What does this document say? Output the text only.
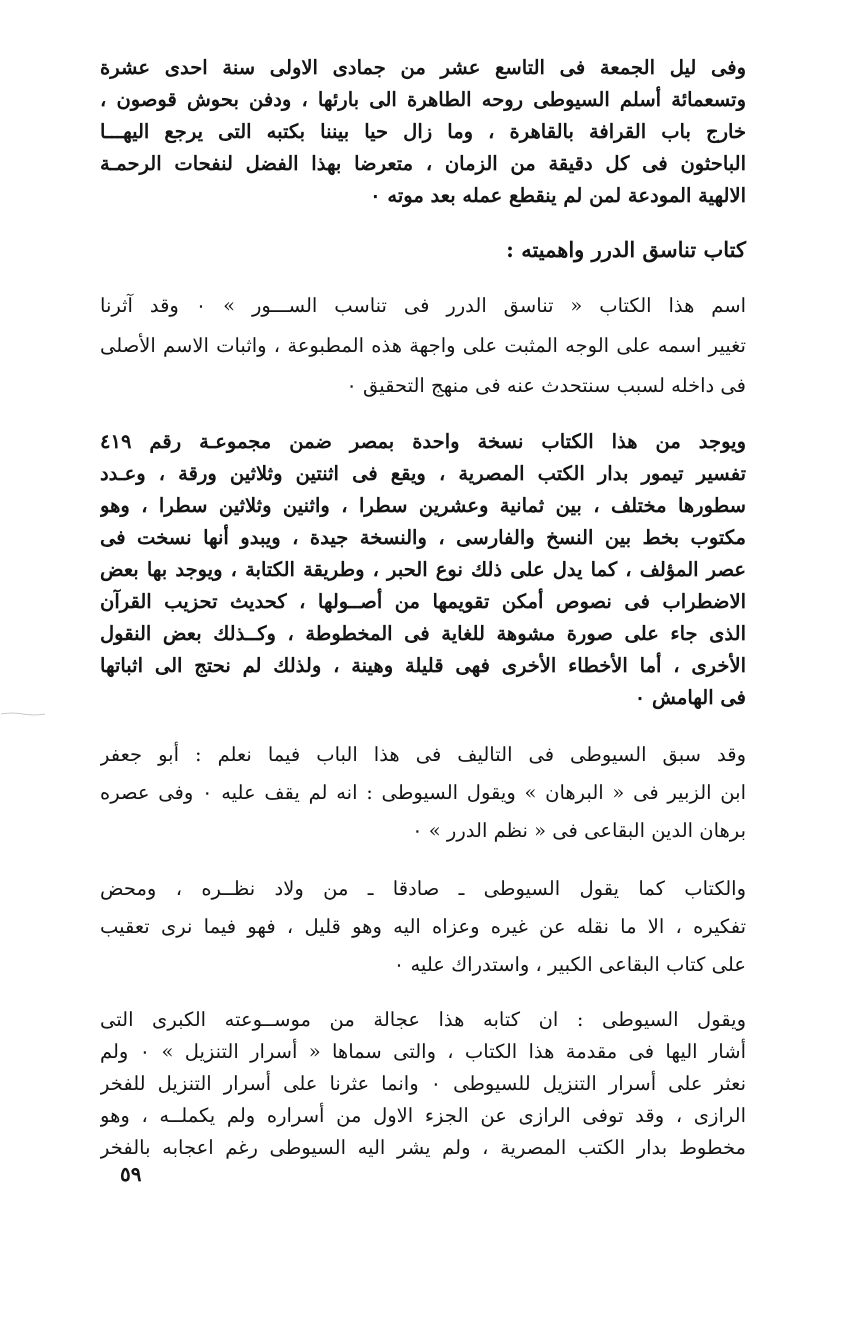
وفى ليل الجمعة فى التاسع عشر من جمادى الاولى سنة احدى عشرة
وتسعمائة أسلم السيوطى روحه الطاهرة الى بارئها ، ودفن بحوش قوصون ،
خارج باب القرافة بالقاهرة ، وما زال حيا بيننا بكتبه التى يرجع اليهـــا
الباحثون فى كل دقيقة من الزمان ، متعرضا بهذا الفضل لنفحات الرحمـة
الالهية المودعة لمن لم ينقطع عمله بعد موته ٠
كتاب تناسق الدرر واهميته :
اسم هذا الكتاب « تناسق الدرر فى تناسب الســـور » ٠ وقد آثرنا
تغيير اسمه على الوجه المثبت على واجهة هذه المطبوعة ، واثبات الاسم الأصلى
فى داخله لسبب سنتحدث عنه فى منهج التحقيق ٠
ويوجد من هذا الكتاب نسخة واحدة بمصر ضمن مجموعـة رقم ٤١٩
تفسير تيمور بدار الكتب المصرية ، ويقع فى اثنتين وثلاثين ورقة ، وعـدد
سطورها مختلف ، بين ثمانية وعشرين سطرا ، واثنين وثلاثين سطرا ، وهو
مكتوب بخط بين النسخ والفارسى ، والنسخة جيدة ، ويبدو أنها نسخت فى
عصر المؤلف ، كما يدل على ذلك نوع الحبر ، وطريقة الكتابة ، ويوجد بها بعض
الاضطراب فى نصوص أمكن تقويمها من أصــولها ، كحديث تحزيب القرآن
الذى جاء على صورة مشوهة للغاية فى المخطوطة ، وكــذلك بعض النقول
الأخرى ، أما الأخطاء الأخرى فهى قليلة وهينة ، ولذلك لم نحتج الى اثباتها
فى الهامش ٠
وقد سبق السيوطى فى التاليف فى هذا الباب فيما نعلم : أبو جعفر
ابن الزبير فى « البرهان » ويقول السيوطى : انه لم يقف عليه ٠ وفى عصره
برهان الدين البقاعى فى « نظم الدرر » ٠
والكتاب كما يقول السيوطى ـ صادقا ـ من ولاد نظــره ، ومحض
تفكيره ، الا ما نقله عن غيره وعزاه اليه وهو قليل ، فهو فيما نرى تعقيب
على كتاب البقاعى الكبير ، واستدراك عليه ٠
ويقول السيوطى : ان كتابه هذا عجالة من موســوعته الكبرى التى
أشار اليها فى مقدمة هذا الكتاب ، والتى سماها « أسرار التنزيل » ٠ ولم
نعثر على أسرار التنزيل للسيوطى ٠ وانما عثرنا على أسرار التنزيل للفخر
الرازى ، وقد توفى الرازى عن الجزء الاول من أسراره ولم يكملــه ، وهو
مخطوط بدار الكتب المصرية ، ولم يشر اليه السيوطى رغم اعجابه بالفخر
٥٩
